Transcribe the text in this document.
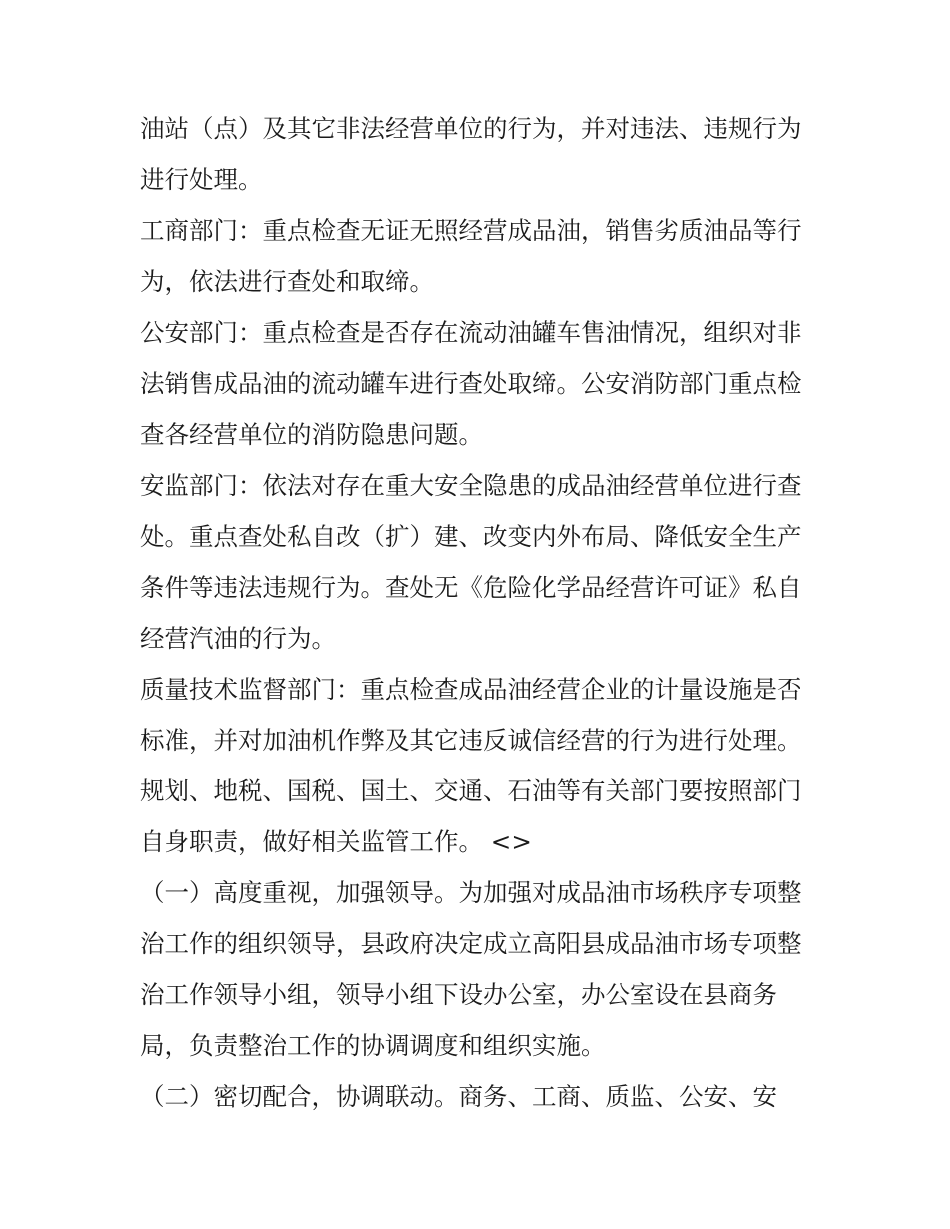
油站（点）及其它非法经营单位的行为，并对违法、违规行为
进行处理。
工商部门：重点检查无证无照经营成品油，销售劣质油品等行
为，依法进行查处和取缔。
公安部门：重点检查是否存在流动油罐车售油情况，组织对非
法销售成品油的流动罐车进行查处取缔。公安消防部门重点检
查各经营单位的消防隐患问题。
安监部门：依法对存在重大安全隐患的成品油经营单位进行查
处。重点查处私自改（扩）建、改变内外布局、降低安全生产
条件等违法违规行为。查处无《危险化学品经营许可证》私自
经营汽油的行为。
质量技术监督部门：重点检查成品油经营企业的计量设施是否
标准，并对加油机作弊及其它违反诚信经营的行为进行处理。
规划、地税、国税、国土、交通、石油等有关部门要按照部门
自身职责，做好相关监管工作。 <>
（一）高度重视，加强领导。为加强对成品油市场秩序专项整
治工作的组织领导，县政府决定成立高阳县成品油市场专项整
治工作领导小组，领导小组下设办公室，办公室设在县商务
局，负责整治工作的协调调度和组织实施。
（二）密切配合，协调联动。商务、工商、质监、公安、安
